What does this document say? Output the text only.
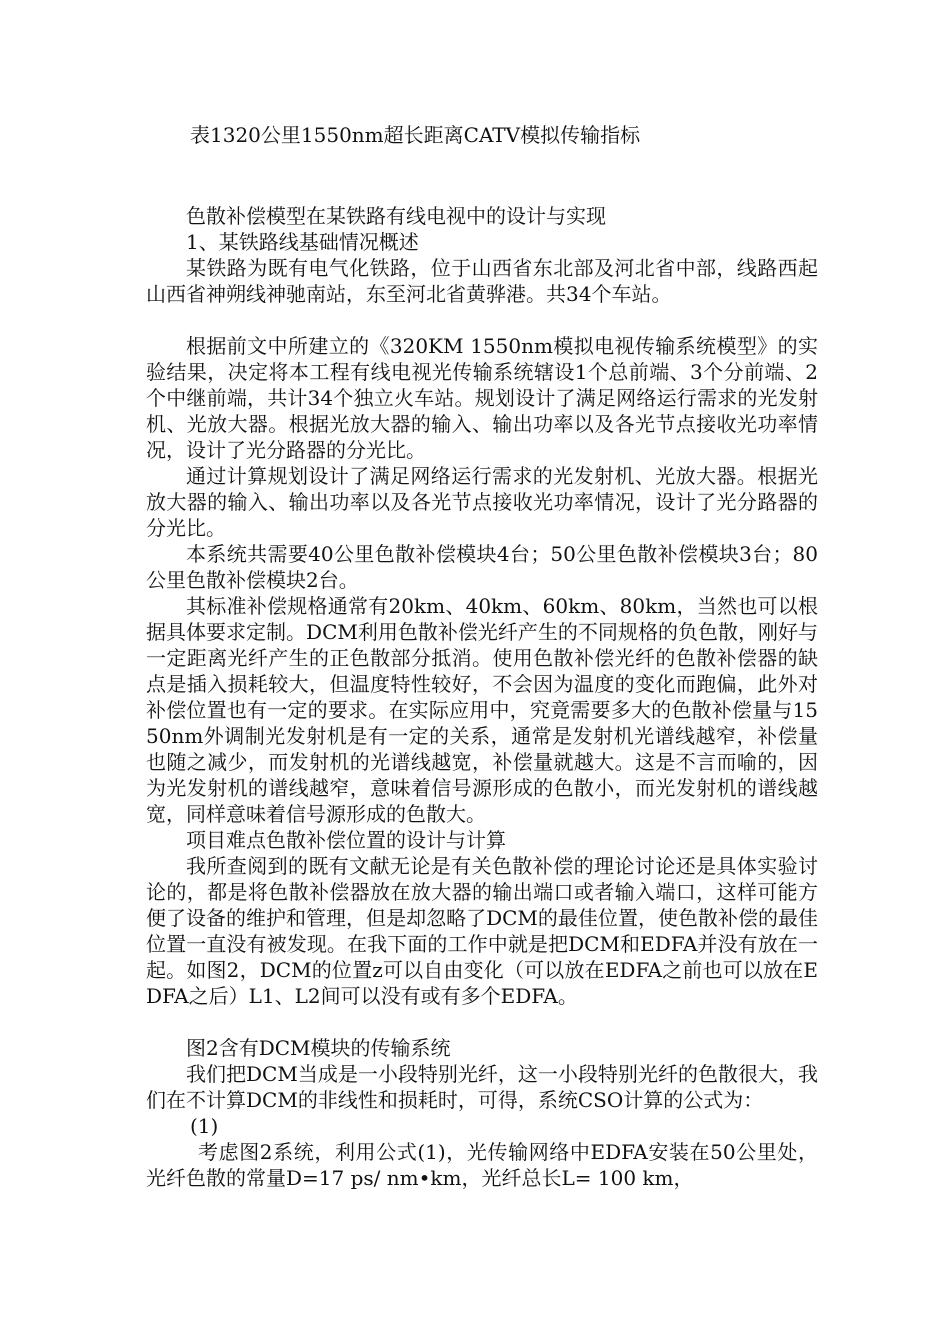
表1320公里1550nm超长距离CATV模拟传输指标

色散补偿模型在某铁路有线电视中的设计与实现

1、某铁路线基础情况概述

某铁路为既有电气化铁路，位于山西省东北部及河北省中部，线路西起山西省神朔线神驰南站，东至河北省黄骅港。共34个车站。

根据前文中所建立的《320KM 1550nm模拟电视传输系统模型》的实验结果，决定将本工程有线电视光传输系统辖设1个总前端、3个分前端、2个中继前端，共计34个独立火车站。规划设计了满足网络运行需求的光发射机、光放大器。根据光放大器的输入、输出功率以及各光节点接收光功率情况，设计了光分路器的分光比。

通过计算规划设计了满足网络运行需求的光发射机、光放大器。根据光放大器的输入、输出功率以及各光节点接收光功率情况，设计了光分路器的分光比。

本系统共需要40公里色散补偿模块4台；50公里色散补偿模块3台；80公里色散补偿模块2台。

其标准补偿规格通常有20km、40km、60km、80km，当然也可以根据具体要求定制。DCM利用色散补偿光纤产生的不同规格的负色散，刚好与一定距离光纤产生的正色散部分抵消。使用色散补偿光纤的色散补偿器的缺点是插入损耗较大，但温度特性较好，不会因为温度的变化而跑偏，此外对补偿位置也有一定的要求。在实际应用中，究竟需要多大的色散补偿量与1550nm外调制光发射机是有一定的关系，通常是发射机光谱线越窄，补偿量也随之减少，而发射机的光谱线越宽，补偿量就越大。这是不言而喻的，因为光发射机的谱线越窄，意味着信号源形成的色散小，而光发射机的谱线越宽，同样意味着信号源形成的色散大。

项目难点色散补偿位置的设计与计算

我所查阅到的既有文献无论是有关色散补偿的理论讨论还是具体实验讨论的，都是将色散补偿器放在放大器的输出端口或者输入端口，这样可能方便了设备的维护和管理，但是却忽略了DCM的最佳位置，使色散补偿的最佳位置一直没有被发现。在我下面的工作中就是把DCM和EDFA并没有放在一起。如图2，DCM的位置z可以自由变化（可以放在EDFA之前也可以放在EDFA之后）L1、L2间可以没有或有多个EDFA。

图2含有DCM模块的传输系统

我们把DCM当成是一小段特别光纤，这一小段特别光纤的色散很大，我们在不计算DCM的非线性和损耗时，可得，系统CSO计算的公式为：

(1)

考虑图2系统，利用公式(1)，光传输网络中EDFA安装在50公里处，光纤色散的常量D=17 ps/ nm•km，光纤总长L= 100 km，
